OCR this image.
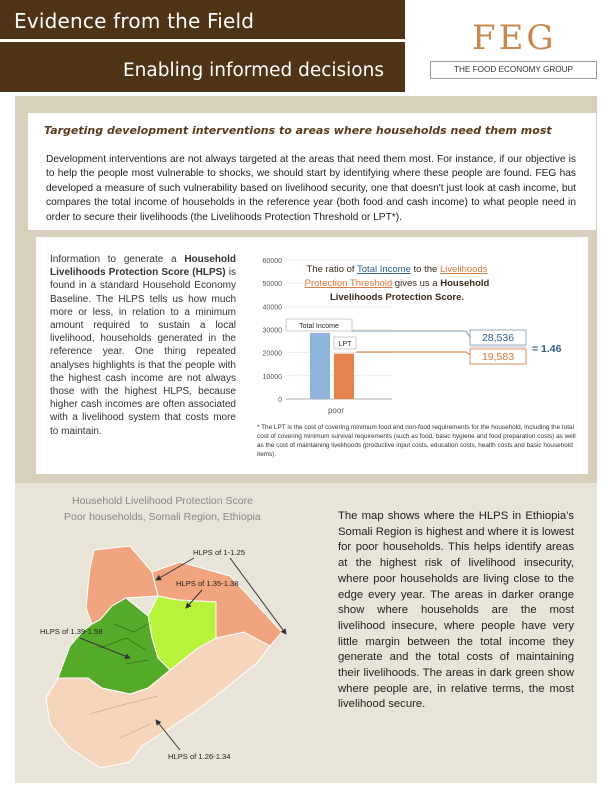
Evidence from the Field
Enabling informed decisions
FEG
THE FOOD ECONOMY GROUP
Targeting development interventions to areas where households need them most
Development interventions are not always targeted at the areas that need them most. For instance, if our objective is to help the people most vulnerable to shocks, we should start by identifying where these people are found. FEG has developed a measure of such vulnerability based on livelihood security, one that doesn't just look at cash income, but compares the total income of households in the reference year (both food and cash income) to what people need in order to secure their livelihoods (the Livelihoods Protection Threshold or LPT*).
Information to generate a Household Livelihoods Protection Score (HLPS) is found in a standard Household Economy Baseline. The HLPS tells us how much more or less, in relation to a minimum amount required to sustain a local livelihood, households generated in the reference year. One thing repeated analyses highlights is that the people with the highest cash income are not always those with the highest HLPS, because higher cash incomes are often associated with a livelihood system that costs more to maintain.
0
10000
20000
30000
40000
50000
60000
poor
Total Income
LPT
The ratio of Total Income to the Livelihoods
Protection Threshold gives us a Household
Livelihoods Protection Score.
28,536
19,583
= 1.46
* The LPT is the cost of covering minimum food and non-food requirements for the household, including the total cost of covering minimum survival requirements (such as food, basic hygiene and food preparation costs) as well as the cost of maintaining livelihoods (productive input costs, education costs, health costs and basic household items).
Household Livelihood Protection Score
Poor households, Somali Region, Ethiopia
HLPS of 1-1.25
HLPS of 1.35-1.38
HLPS of 1.39-1.58
HLPS of 1.26-1.34
The map shows where the HLPS in Ethiopia's Somali Region is highest and where it is lowest for poor households. This helps identify areas at the highest risk of livelihood insecurity, where poor households are living close to the edge every year. The areas in darker orange show where households are the most livelihood insecure, where people have very little margin between the total income they generate and the total costs of maintaining their livelihoods. The areas in dark green show where people are, in relative terms, the most livelihood secure.
